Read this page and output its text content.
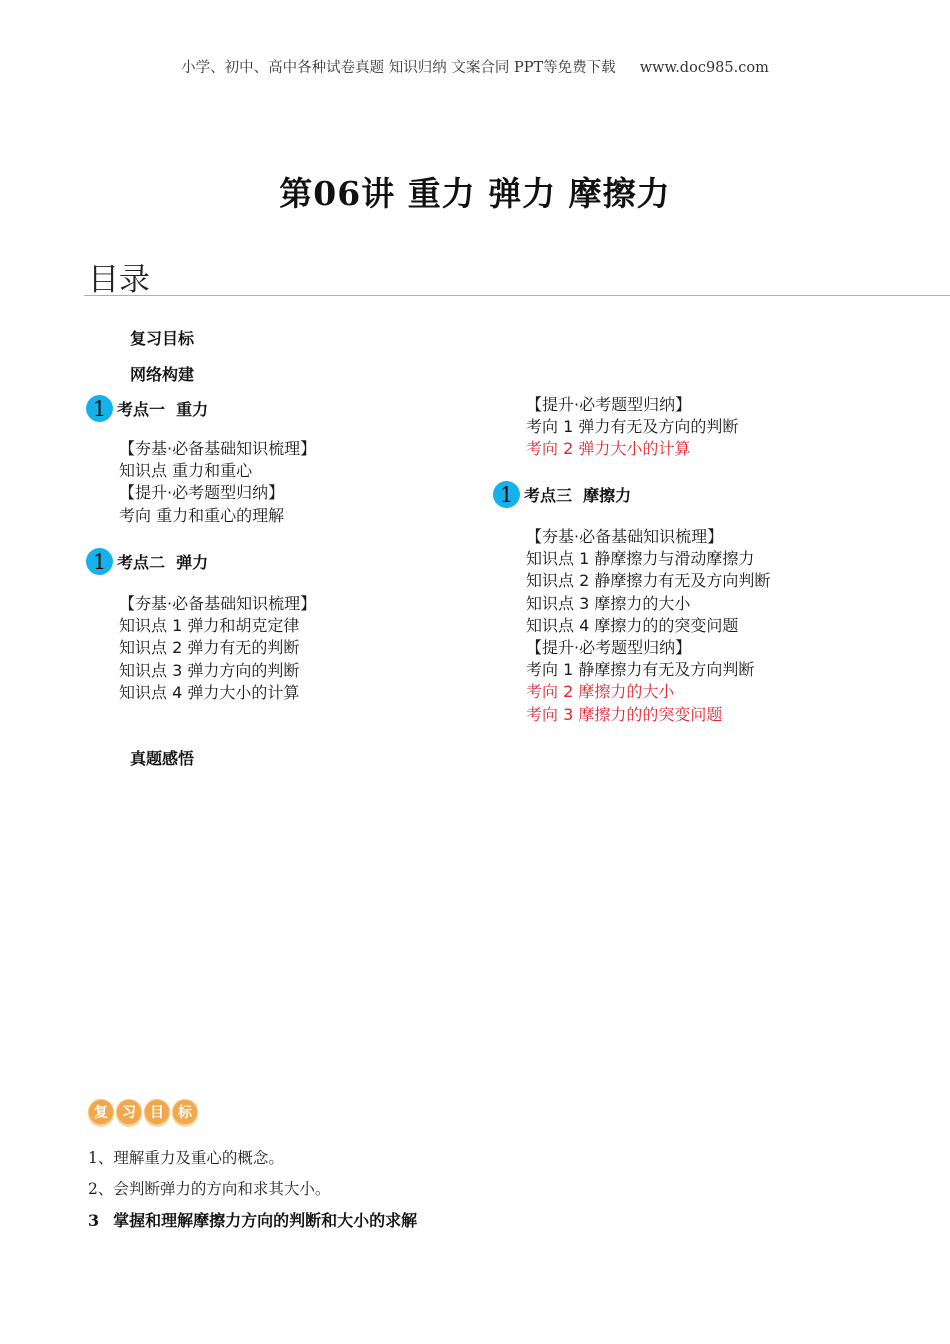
小学、初中、高中各种试卷真题 知识归纳 文案合同 PPT等免费下载 www.doc985.com
第06讲 重力 弹力 摩擦力
目录
复习目标
网络构建
1 考点一  重力
【夯基·必备基础知识梳理】
知识点 重力和重心
【提升·必考题型归纳】
考向 重力和重心的理解
1 考点二  弹力
【夯基·必备基础知识梳理】
知识点 1 弹力和胡克定律
知识点 2 弹力有无的判断
知识点 3 弹力方向的判断
知识点 4 弹力大小的计算
真题感悟
【提升·必考题型归纳】
考向 1 弹力有无及方向的判断
考向 2 弹力大小的计算
1 考点三  摩擦力
【夯基·必备基础知识梳理】
知识点 1 静摩擦力与滑动摩擦力
知识点 2 静摩擦力有无及方向判断
知识点 3 摩擦力的大小
知识点 4 摩擦力的的突变问题
【提升·必考题型归纳】
考向 1 静摩擦力有无及方向判断
考向 2 摩擦力的大小
考向 3 摩擦力的的突变问题
复	习	目	标
1、理解重力及重心的概念。
2、会判断弹力的方向和求其大小。
3 掌握和理解摩擦力方向的判断和大小的求解
